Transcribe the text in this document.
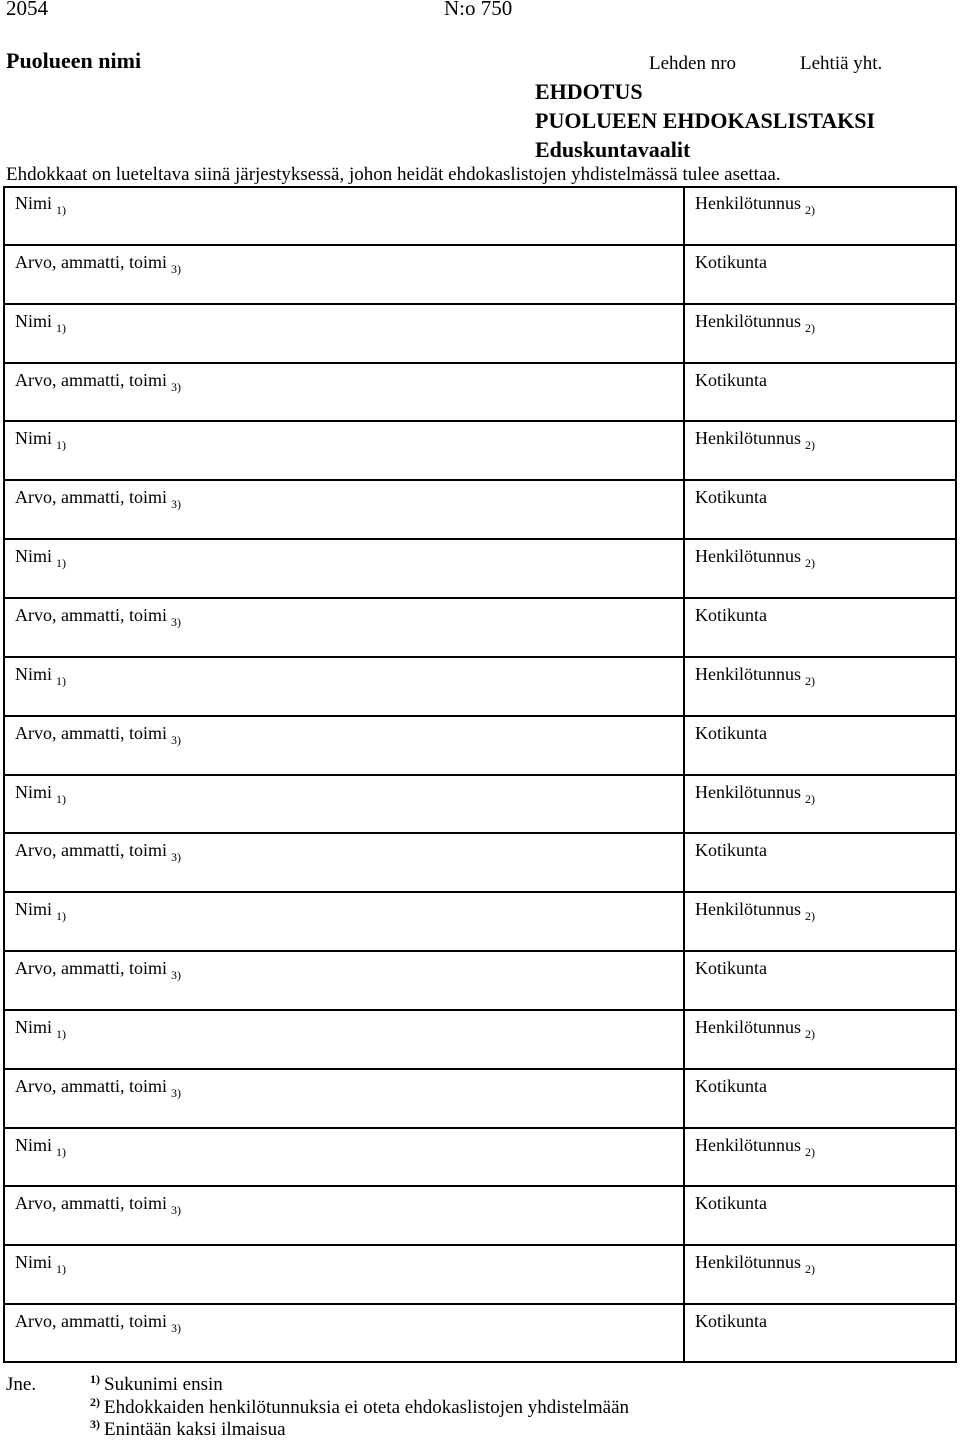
2054	N:o 750
Puolueen nimi	Lehden nro	Lehtiä yht.
EHDOTUS
PUOLUEEN EHDOKASLISTAKSI
Eduskuntavaalit
Ehdokkaat on lueteltava siinä järjestyksessä, johon heidät ehdokaslistojen yhdistelmässä tulee asettaa.
Nimi $_{1)}$	Henkilötunnus $_{2)}$
Arvo, ammatti, toimi $_{3)}$	Kotikunta
Nimi $_{1)}$	Henkilötunnus $_{2)}$
Arvo, ammatti, toimi $_{3)}$	Kotikunta
Nimi $_{1)}$	Henkilötunnus $_{2)}$
Arvo, ammatti, toimi $_{3)}$	Kotikunta
Nimi $_{1)}$	Henkilötunnus $_{2)}$
Arvo, ammatti, toimi $_{3)}$	Kotikunta
Nimi $_{1)}$	Henkilötunnus $_{2)}$
Arvo, ammatti, toimi $_{3)}$	Kotikunta
Nimi $_{1)}$	Henkilötunnus $_{2)}$
Arvo, ammatti, toimi $_{3)}$	Kotikunta
Nimi $_{1)}$	Henkilötunnus $_{2)}$
Arvo, ammatti, toimi $_{3)}$	Kotikunta
Nimi $_{1)}$	Henkilötunnus $_{2)}$
Arvo, ammatti, toimi $_{3)}$	Kotikunta
Nimi $_{1)}$	Henkilötunnus $_{2)}$
Arvo, ammatti, toimi $_{3)}$	Kotikunta
Nimi $_{1)}$	Henkilötunnus $_{2)}$
Arvo, ammatti, toimi $_{3)}$	Kotikunta
Jne.	$^{1)}$ Sukunimi ensin
$^{2)}$ Ehdokkaiden henkilötunnuksia ei oteta ehdokaslistojen yhdistelmään
$^{3)}$ Enintään kaksi ilmaisua
